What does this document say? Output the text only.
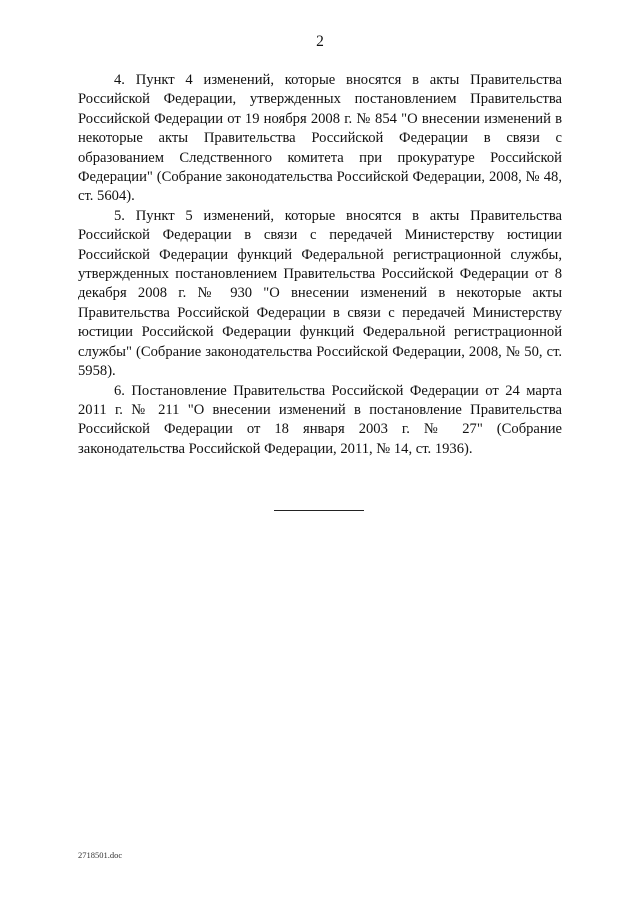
2

4. Пункт 4 изменений, которые вносятся в акты Правительства Российской Федерации, утвержденных постановлением Правительства Российской Федерации от 19 ноября 2008 г. № 854 "О внесении изменений в некоторые акты Правительства Российской Федерации в связи с образованием Следственного комитета при прокуратуре Российской Федерации" (Собрание законодательства Российской Федерации, 2008, № 48, ст. 5604).

5. Пункт 5 изменений, которые вносятся в акты Правительства Российской Федерации в связи с передачей Министерству юстиции Российской Федерации функций Федеральной регистрационной службы, утвержденных постановлением Правительства Российской Федерации от 8 декабря 2008 г. № 930 "О внесении изменений в некоторые акты Правительства Российской Федерации в связи с передачей Министерству юстиции Российской Федерации функций Федеральной регистрационной службы" (Собрание законодательства Российской Федерации, 2008, № 50, ст. 5958).

6. Постановление Правительства Российской Федерации от 24 марта 2011 г. № 211 "О внесении изменений в постановление Правительства Российской Федерации от 18 января 2003 г. № 27" (Собрание законодательства Российской Федерации, 2011, № 14, ст. 1936).

2718501.doc
